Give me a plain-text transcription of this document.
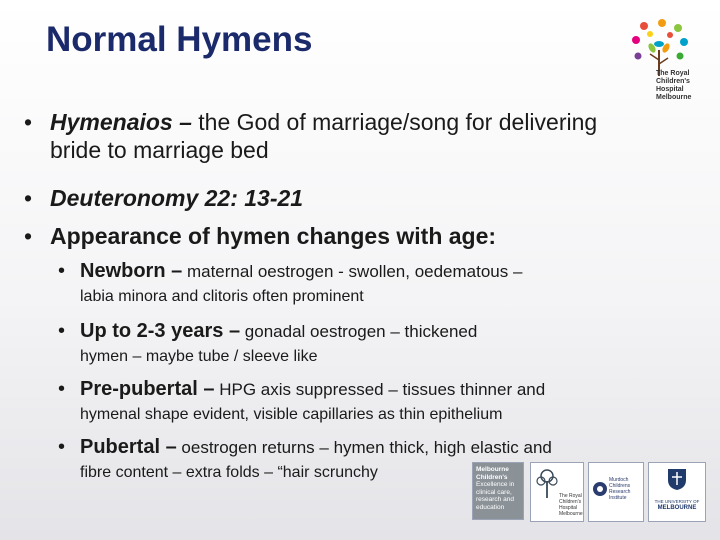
Normal Hymens
The Royal
Children's
Hospital
Melbourne
• Hymenaios – the God of marriage/song for delivering bride to marriage bed
• Deuteronomy 22: 13-21
• Appearance of hymen changes with age:
• Newborn – maternal oestrogen - swollen, oedematous –
labia minora and clitoris often prominent
• Up to 2-3 years – gonadal oestrogen – thickened
hymen – maybe tube / sleeve like
• Pre-pubertal – HPG axis suppressed – tissues thinner and
hymenal shape evident, visible capillaries as thin epithelium
• Pubertal – oestrogen returns – hymen thick, high elastic and
fibre content – extra folds – “hair scrunchy	Melbourne
Children's
Excellence in
clinical care,
research and
education
The Royal
Children's
Hospital
Melbourne
Murdoch
Childrens
Research
Institute
THE UNIVERSITY OF
MELBOURNE
